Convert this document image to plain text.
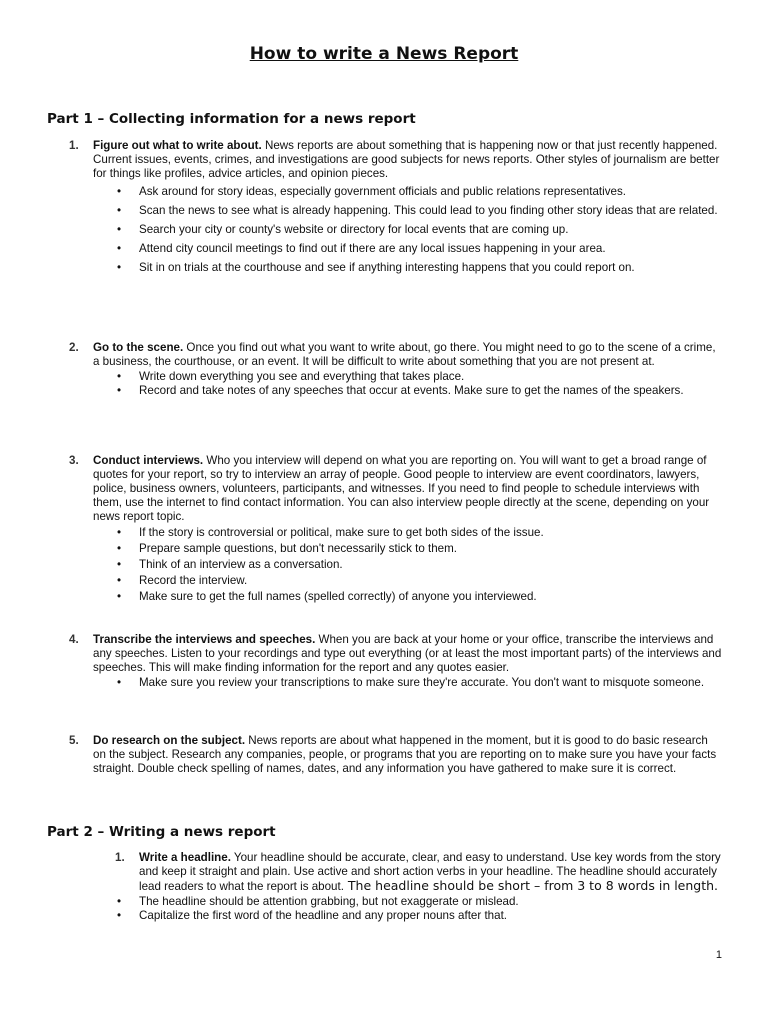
How to write a News Report
Part 1 – Collecting information for a news report
1. Figure out what to write about. News reports are about something that is happening now or that just recently happened. Current issues, events, crimes, and investigations are good subjects for news reports. Other styles of journalism are better for things like profiles, advice articles, and opinion pieces.
• Ask around for story ideas, especially government officials and public relations representatives.
• Scan the news to see what is already happening. This could lead to you finding other story ideas that are related.
• Search your city or county's website or directory for local events that are coming up.
• Attend city council meetings to find out if there are any local issues happening in your area.
• Sit in on trials at the courthouse and see if anything interesting happens that you could report on.
2. Go to the scene. Once you find out what you want to write about, go there. You might need to go to the scene of a crime, a business, the courthouse, or an event. It will be difficult to write about something that you are not present at.
• Write down everything you see and everything that takes place.
• Record and take notes of any speeches that occur at events. Make sure to get the names of the speakers.
3. Conduct interviews. Who you interview will depend on what you are reporting on. You will want to get a broad range of quotes for your report, so try to interview an array of people. Good people to interview are event coordinators, lawyers, police, business owners, volunteers, participants, and witnesses. If you need to find people to schedule interviews with them, use the internet to find contact information. You can also interview people directly at the scene, depending on your news report topic.
• If the story is controversial or political, make sure to get both sides of the issue.
• Prepare sample questions, but don't necessarily stick to them.
• Think of an interview as a conversation.
• Record the interview.
• Make sure to get the full names (spelled correctly) of anyone you interviewed.
4. Transcribe the interviews and speeches. When you are back at your home or your office, transcribe the interviews and any speeches. Listen to your recordings and type out everything (or at least the most important parts) of the interviews and speeches. This will make finding information for the report and any quotes easier.
• Make sure you review your transcriptions to make sure they're accurate. You don't want to misquote someone.
5. Do research on the subject. News reports are about what happened in the moment, but it is good to do basic research on the subject. Research any companies, people, or programs that you are reporting on to make sure you have your facts straight. Double check spelling of names, dates, and any information you have gathered to make sure it is correct.
Part 2 – Writing a news report
1. Write a headline. Your headline should be accurate, clear, and easy to understand. Use key words from the story and keep it straight and plain. Use active and short action verbs in your headline. The headline should accurately lead readers to what the report is about. The headline should be short – from 3 to 8 words in length.
• The headline should be attention grabbing, but not exaggerate or mislead.
• Capitalize the first word of the headline and any proper nouns after that.
1
